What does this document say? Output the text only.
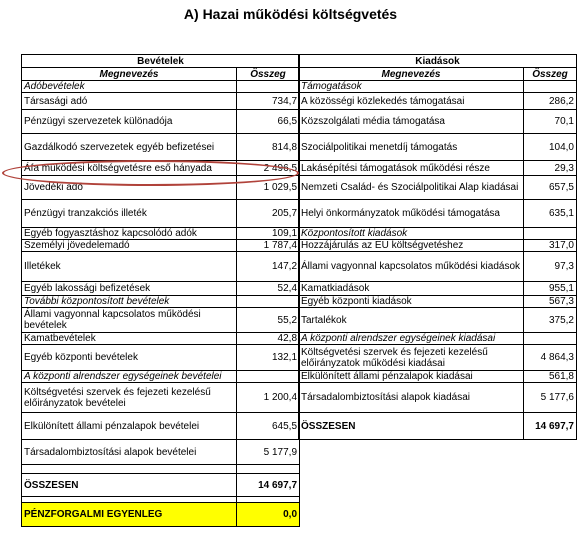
A) Hazai működési költségvetés
Bevételek	
Megnevezés	Összeg
Adóbevételek	
Társasági adó	734,7
Pénzügyi szervezetek különadója	66,5
Gazdálkodó szervezetek egyéb befizetései	814,8
Áfa működési költségvetésre eső hányada	2 496,5
Jövedéki adó	1 029,5
Pénzügyi tranzakciós illeték	205,7
Egyéb fogyasztáshoz kapcsolódó adók	109,1
Személyi jövedelemadó	1 787,4
Illetékek	147,2
Egyéb lakossági befizetések	52,4
További központosított bevételek	
Állami vagyonnal kapcsolatos működési bevételek	55,2
Kamatbevételek	42,8
Egyéb központi bevételek	132,1
A központi alrendszer egységeinek bevételei	
Költségvetési szervek és fejezeti kezelésű előirányzatok bevételei	1 200,4
Elkülönített állami pénzalapok bevételei	645,5
Társadalombiztosítási alapok bevételei	5 177,9

ÖSSZESEN	14 697,7

PÉNZFORGALMI EGYENLEG	0,0
Kiadások	
Megnevezés	Összeg
Támogatások	
A közösségi közlekedés támogatásai	286,2
Közszolgálati média támogatása	70,1
Szociálpolitikai menetdíj támogatás	104,0
Lakásépítési támogatások működési része	29,3
Nemzeti Család- és Szociálpolitikai Alap kiadásai	657,5
Helyi önkormányzatok működési támogatása	635,1
Központosított kiadások	
Hozzájárulás az EU költségvetéshez	317,0
Állami vagyonnal kapcsolatos működési kiadások	97,3
Kamatkiadások	955,1
Egyéb központi kiadások	567,3
Tartalékok	375,2
A központi alrendszer egységeinek kiadásai	
Költségvetési szervek és fejezeti kezelésű előirányzatok működési kiadásai	4 864,3
Elkülönített állami pénzalapok kiadásai	561,8
Társadalombiztosítási alapok kiadásai	5 177,6
ÖSSZESEN	14 697,7
